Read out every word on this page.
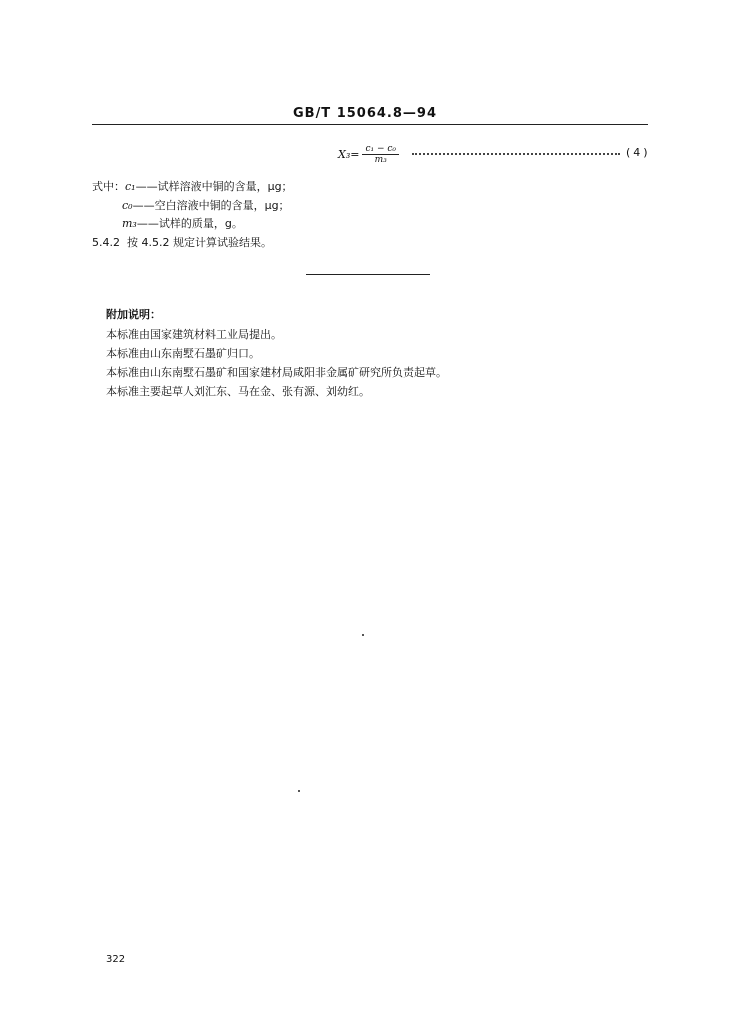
GB/T 15064.8—94
$X_3 = \frac{\text{c₁ − c₀}}{\text{m₃}}$	(4)
式中：c₁——试样溶液中铜的含量，μg；
c₀——空白溶液中铜的含量，μg；
m₃——试样的质量，g。
5.4.2 按 4.5.2 规定计算试验结果。
附加说明：
本标准由国家建筑材料工业局提出。
本标准由山东南墅石墨矿归口。
本标准由山东南墅石墨矿和国家建材局咸阳非金属矿研究所负责起草。
本标准主要起草人刘汇东、马在金、张有源、刘幼红。
322
